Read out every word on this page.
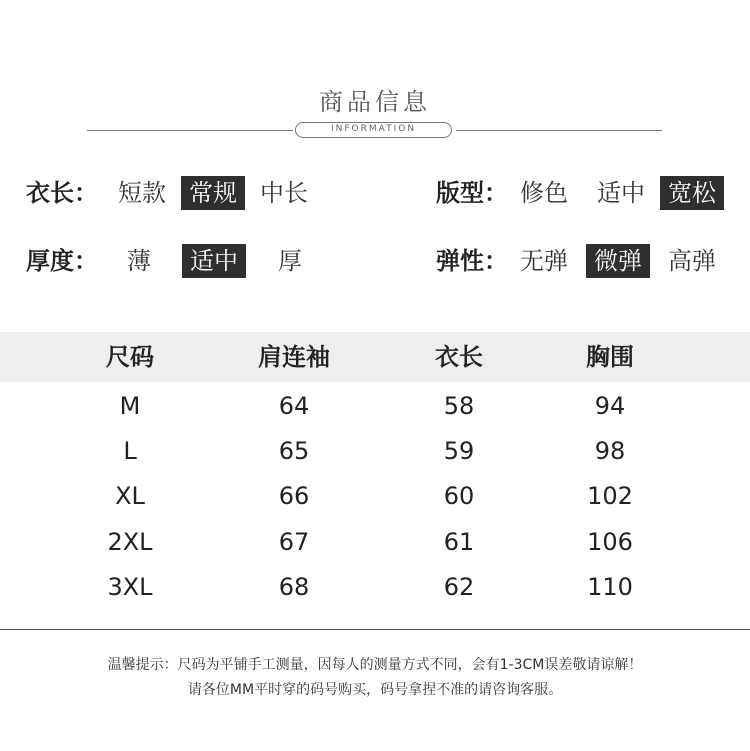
商品信息
INFORMATION
衣长： 短款 常规 中长	版型： 修色 适中 宽松
厚度： 薄	适中	厚	弹性： 无弹	微弹	高弹
尺码	肩连袖	衣长	胸围
M	64	58	94
L	65	59	98
XL	66	60	102
2XL	67	61	106
3XL	68	62	110
温馨提示：尺码为平铺手工测量，因每人的测量方式不同，会有1-3CM误差敬请谅解！
请各位MM平时穿的码号购买，码号拿捏不准的请咨询客服。
